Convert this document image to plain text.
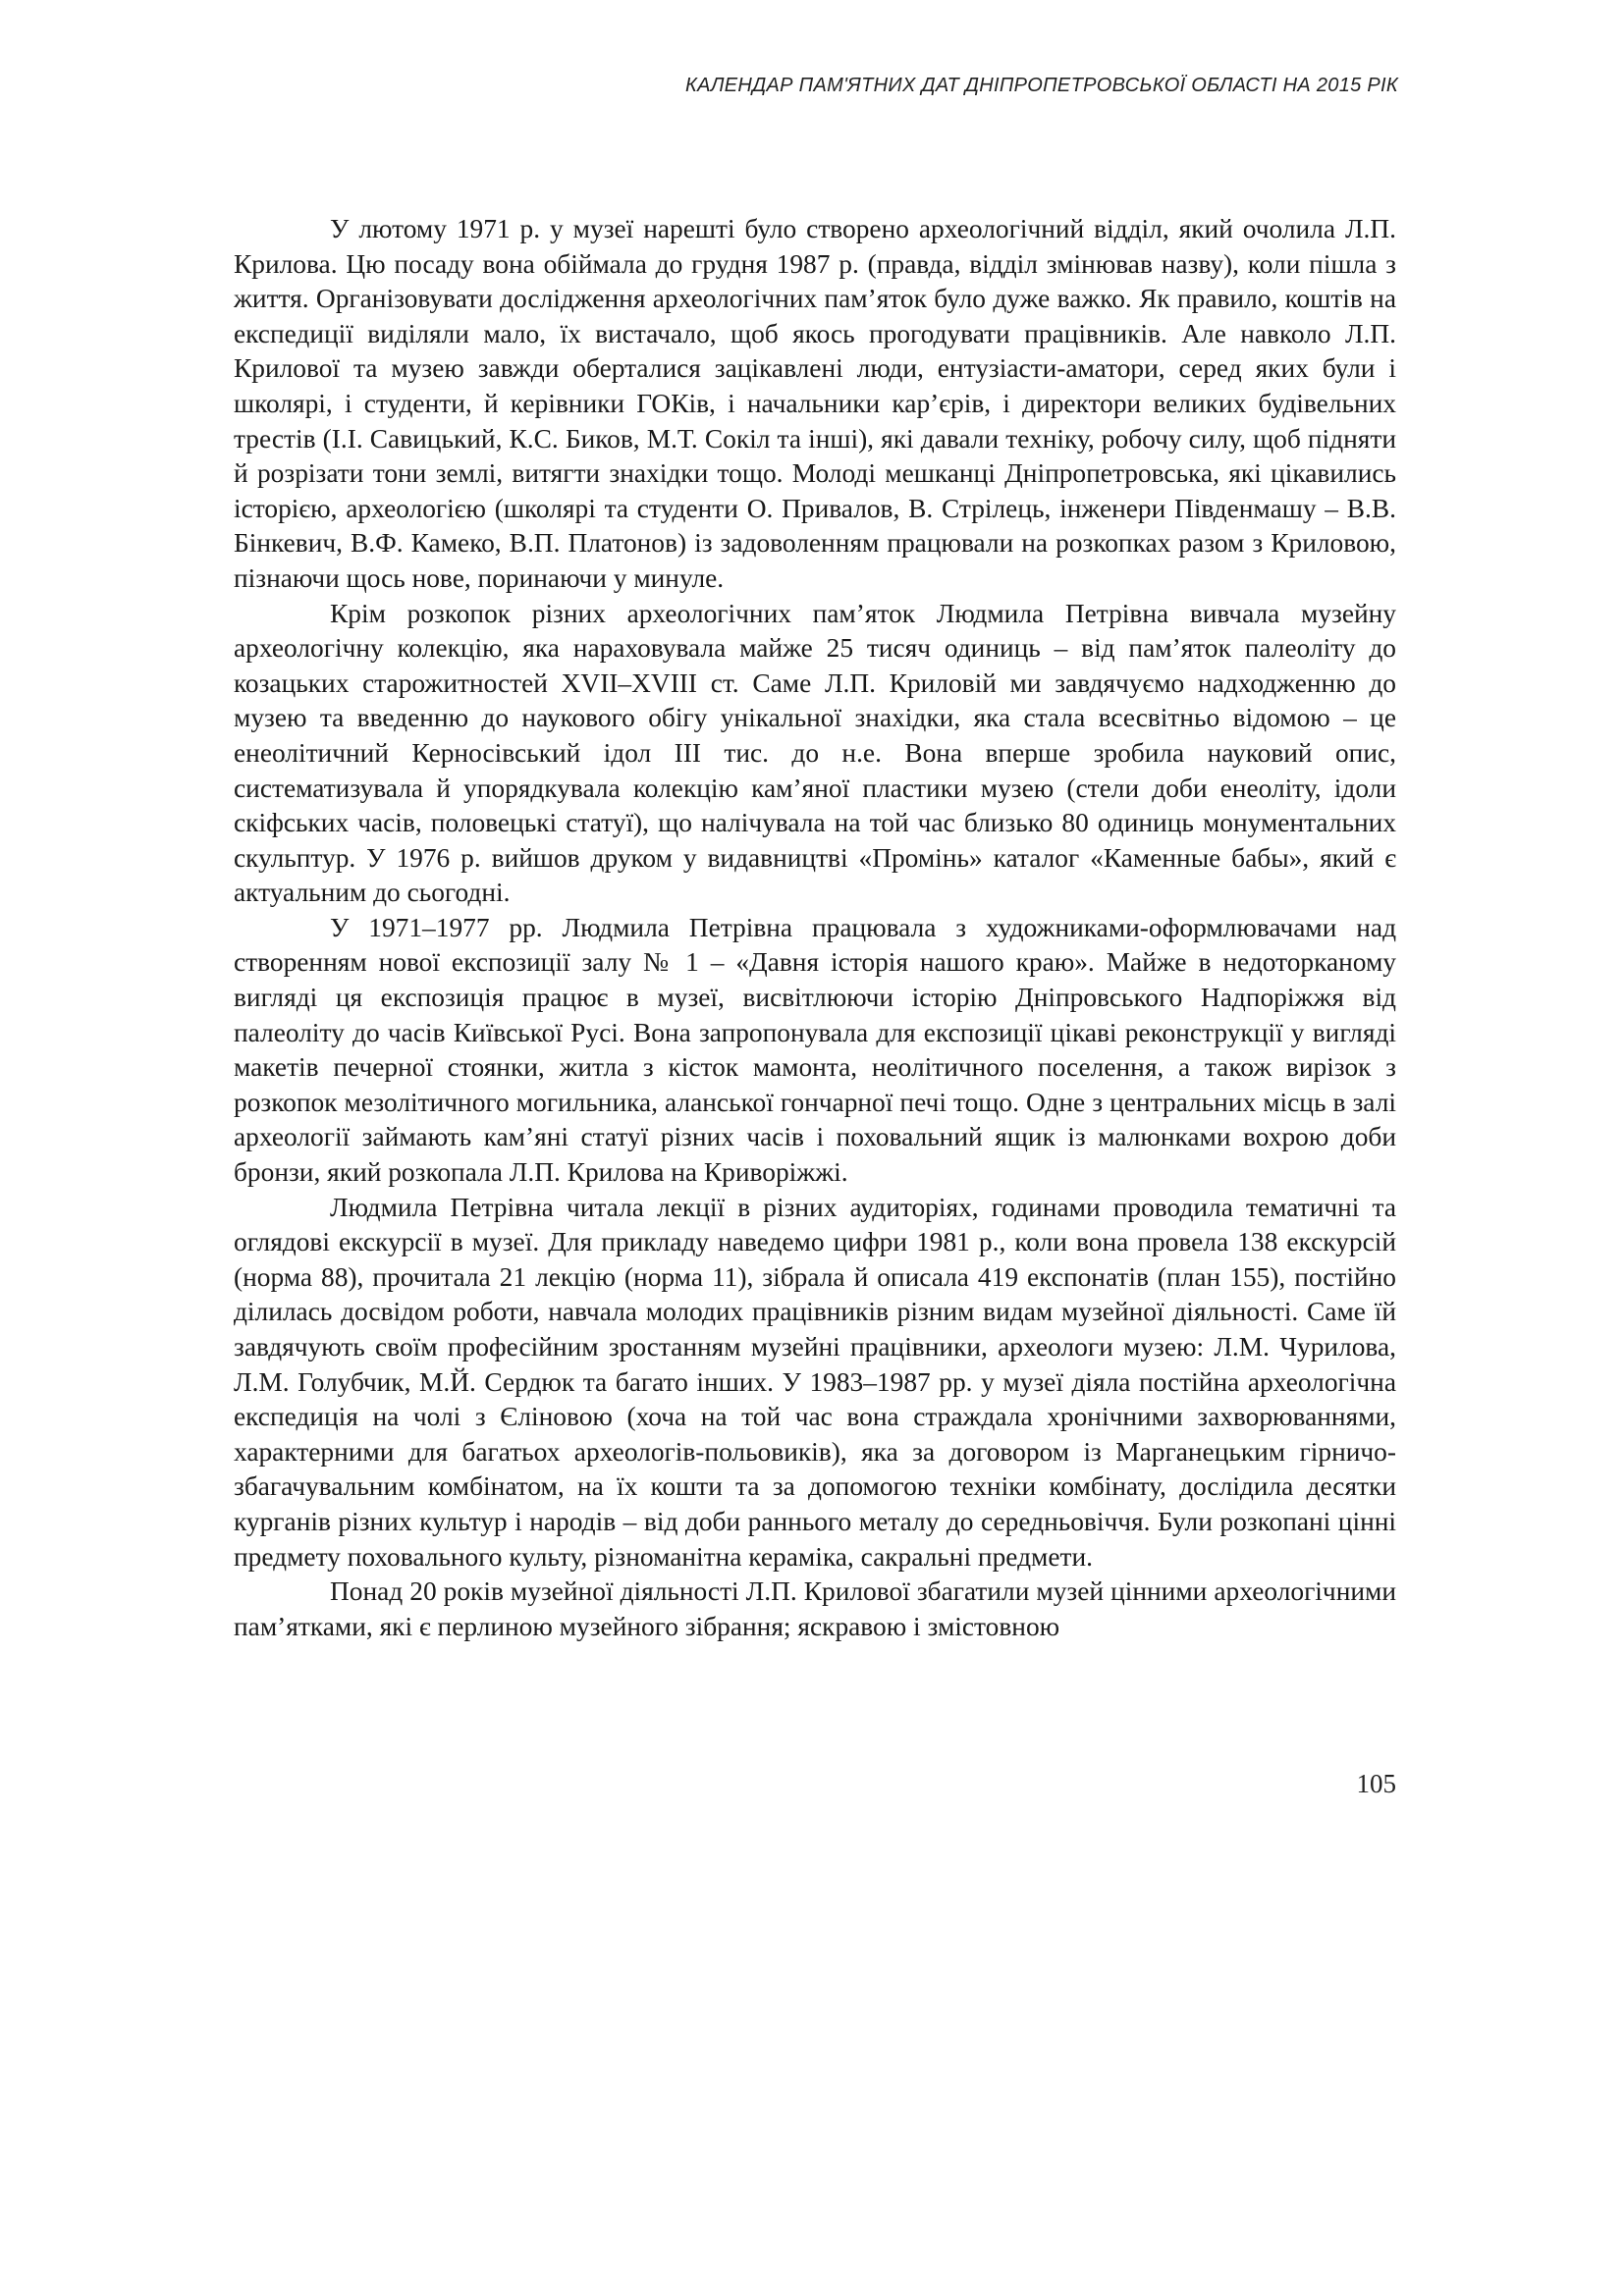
КАЛЕНДАР ПАМ'ЯТНИХ ДАТ ДНІПРОПЕТРОВСЬКОЇ ОБЛАСТІ НА 2015 РІК

У лютому 1971 р. у музеї нарешті було створено археологічний відділ, який очолила Л.П. Крилова. Цю посаду вона обіймала до грудня 1987 р. (правда, відділ змінював назву), коли пішла з життя. Організовувати дослідження археологічних пам’яток було дуже важко. Як правило, коштів на експедиції виділяли мало, їх вистачало, щоб якось прогодувати працівників. Але навколо Л.П. Крилової та музею завжди оберталися зацікавлені люди, ентузіасти-аматори, серед яких були і школярі, і студенти, й керівники ГОКів, і начальники кар’єрів, і директори великих будівельних трестів (І.І. Савицький, К.С. Биков, М.Т. Сокіл та інші), які давали техніку, робочу силу, щоб підняти й розрізати тони землі, витягти знахідки тощо. Молоді мешканці Дніпропетровська, які цікавились історією, археологією (школярі та студенти О. Привалов, В. Стрілець, інженери Південмашу – В.В. Бінкевич, В.Ф. Камеко, В.П. Платонов) із задоволенням працювали на розкопках разом з Криловою, пізнаючи щось нове, поринаючи у минуле.

Крім розкопок різних археологічних пам’яток Людмила Петрівна вивчала музейну археологічну колекцію, яка нараховувала майже 25 тисяч одиниць – від пам’яток палеоліту до козацьких старожитностей XVII–XVIII ст. Саме Л.П. Криловій ми завдячуємо надходженню до музею та введенню до наукового обігу унікальної знахідки, яка стала всесвітньо відомою – це енеолітичний Керносівський ідол III тис. до н.е. Вона вперше зробила науковий опис, систематизувала й упорядкувала колекцію кам’яної пластики музею (стели доби енеоліту, ідоли скіфських часів, половецькі статуї), що налічувала на той час близько 80 одиниць монументальних скульптур. У 1976 р. вийшов друком у видавництві «Промінь» каталог «Каменные бабы», який є актуальним до сьогодні.

У 1971–1977 рр. Людмила Петрівна працювала з художниками-оформлювачами над створенням нової експозиції залу № 1 – «Давня історія нашого краю». Майже в недоторканому вигляді ця експозиція працює в музеї, висвітлюючи історію Дніпровського Надпоріжжя від палеоліту до часів Київської Русі. Вона запропонувала для експозиції цікаві реконструкції у вигляді макетів печерної стоянки, житла з кісток мамонта, неолітичного поселення, а також вирізок з розкопок мезолітичного могильника, аланської гончарної печі тощо. Одне з центральних місць в залі археології займають кам’яні статуї різних часів і поховальний ящик із малюнками вохрою доби бронзи, який розкопала Л.П. Крилова на Криворіжжі.

Людмила Петрівна читала лекції в різних аудиторіях, годинами проводила тематичні та оглядові екскурсії в музеї. Для прикладу наведемо цифри 1981 р., коли вона провела 138 екскурсій (норма 88), прочитала 21 лекцію (норма 11), зібрала й описала 419 експонатів (план 155), постійно ділилась досвідом роботи, навчала молодих працівників різним видам музейної діяльності. Саме їй завдячують своїм професійним зростанням музейні працівники, археологи музею: Л.М. Чурилова, Л.М. Голубчик, М.Й. Сердюк та багато інших. У 1983–1987 рр. у музеї діяла постійна археологічна експедиція на чолі з Єліновою (хоча на той час вона страждала хронічними захворюваннями, характерними для багатьох археологів-польовиків), яка за договором із Марганецьким гірничо-збагачувальним комбінатом, на їх кошти та за допомогою техніки комбінату, дослідила десятки курганів різних культур і народів – від доби раннього металу до середньовіччя. Були розкопані цінні предмету поховального культу, різноманітна кераміка, сакральні предмети.

Понад 20 років музейної діяльності Л.П. Крилової збагатили музей цінними археологічними пам’ятками, які є перлиною музейного зібрання; яскравою і змістовною

105
